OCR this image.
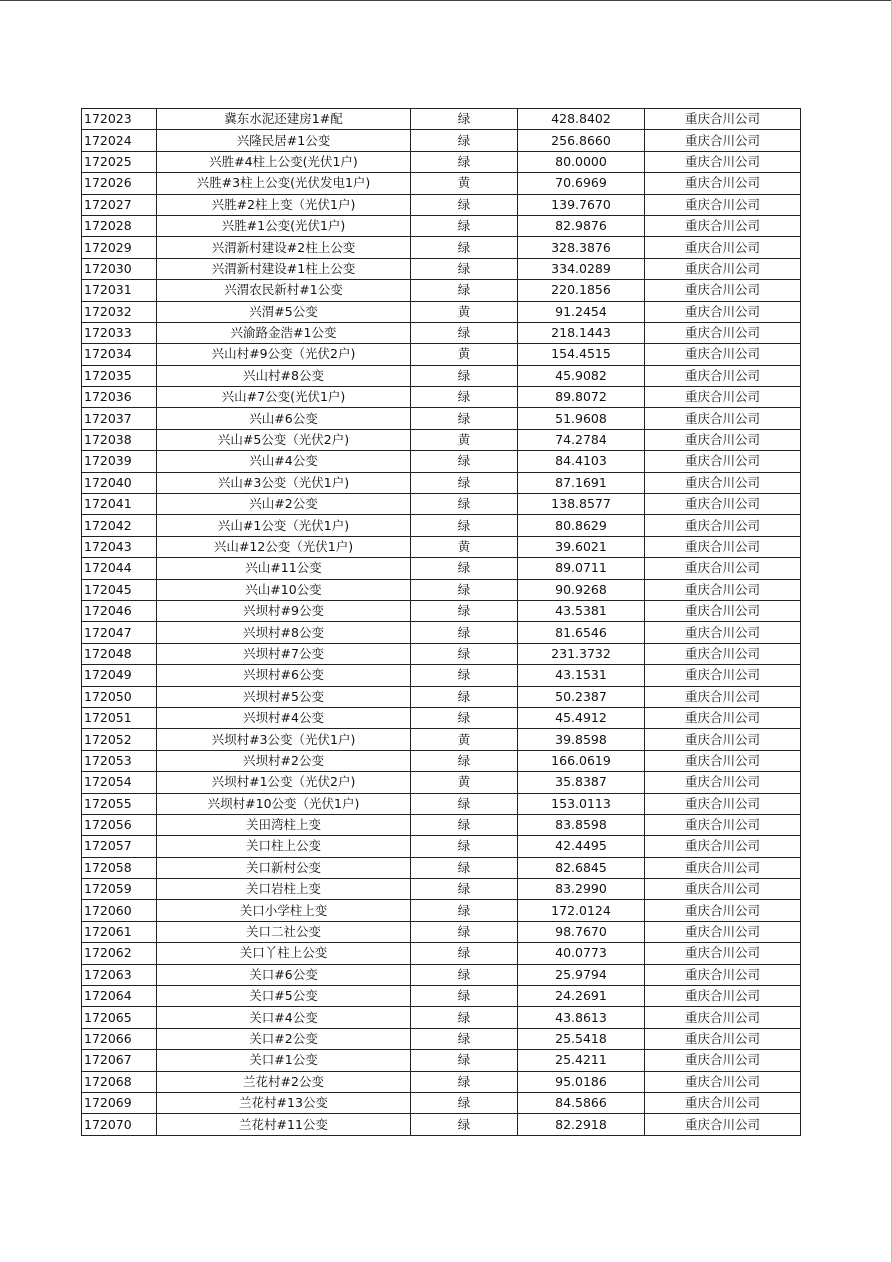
172023	冀东水泥还建房1#配	绿	428.8402	重庆合川公司
172024	兴隆民居#1公变	绿	256.8660	重庆合川公司
172025	兴胜#4柱上公变(光伏1户)	绿	80.0000	重庆合川公司
172026	兴胜#3柱上公变(光伏发电1户)	黄	70.6969	重庆合川公司
172027	兴胜#2柱上变（光伏1户)	绿	139.7670	重庆合川公司
172028	兴胜#1公变(光伏1户)	绿	82.9876	重庆合川公司
172029	兴渭新村建设#2柱上公变	绿	328.3876	重庆合川公司
172030	兴渭新村建设#1柱上公变	绿	334.0289	重庆合川公司
172031	兴渭农民新村#1公变	绿	220.1856	重庆合川公司
172032	兴渭#5公变	黄	91.2454	重庆合川公司
172033	兴渝路金浩#1公变	绿	218.1443	重庆合川公司
172034	兴山村#9公变（光伏2户)	黄	154.4515	重庆合川公司
172035	兴山村#8公变	绿	45.9082	重庆合川公司
172036	兴山#7公变(光伏1户)	绿	89.8072	重庆合川公司
172037	兴山#6公变	绿	51.9608	重庆合川公司
172038	兴山#5公变（光伏2户)	黄	74.2784	重庆合川公司
172039	兴山#4公变	绿	84.4103	重庆合川公司
172040	兴山#3公变（光伏1户)	绿	87.1691	重庆合川公司
172041	兴山#2公变	绿	138.8577	重庆合川公司
172042	兴山#1公变（光伏1户)	绿	80.8629	重庆合川公司
172043	兴山#12公变（光伏1户)	黄	39.6021	重庆合川公司
172044	兴山#11公变	绿	89.0711	重庆合川公司
172045	兴山#10公变	绿	90.9268	重庆合川公司
172046	兴坝村#9公变	绿	43.5381	重庆合川公司
172047	兴坝村#8公变	绿	81.6546	重庆合川公司
172048	兴坝村#7公变	绿	231.3732	重庆合川公司
172049	兴坝村#6公变	绿	43.1531	重庆合川公司
172050	兴坝村#5公变	绿	50.2387	重庆合川公司
172051	兴坝村#4公变	绿	45.4912	重庆合川公司
172052	兴坝村#3公变（光伏1户)	黄	39.8598	重庆合川公司
172053	兴坝村#2公变	绿	166.0619	重庆合川公司
172054	兴坝村#1公变（光伏2户)	黄	35.8387	重庆合川公司
172055	兴坝村#10公变（光伏1户)	绿	153.0113	重庆合川公司
172056	关田湾柱上变	绿	83.8598	重庆合川公司
172057	关口柱上公变	绿	42.4495	重庆合川公司
172058	关口新村公变	绿	82.6845	重庆合川公司
172059	关口岩柱上变	绿	83.2990	重庆合川公司
172060	关口小学柱上变	绿	172.0124	重庆合川公司
172061	关口二社公变	绿	98.7670	重庆合川公司
172062	关口丫柱上公变	绿	40.0773	重庆合川公司
172063	关口#6公变	绿	25.9794	重庆合川公司
172064	关口#5公变	绿	24.2691	重庆合川公司
172065	关口#4公变	绿	43.8613	重庆合川公司
172066	关口#2公变	绿	25.5418	重庆合川公司
172067	关口#1公变	绿	25.4211	重庆合川公司
172068	兰花村#2公变	绿	95.0186	重庆合川公司
172069	兰花村#13公变	绿	84.5866	重庆合川公司
172070	兰花村#11公变	绿	82.2918	重庆合川公司
